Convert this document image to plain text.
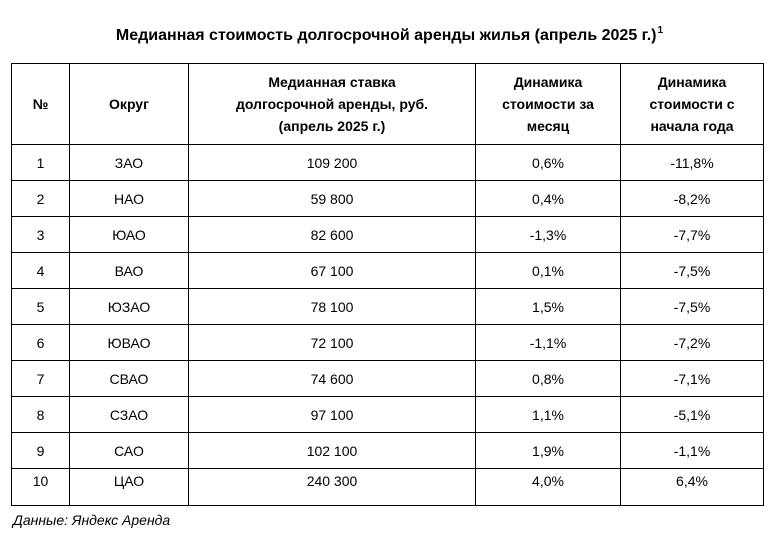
Медианная стоимость долгосрочной аренды жилья (апрель 2025 г.)$^1$
№	Округ	Медианная ставка долгосрочной аренды, руб.(апрель 2025 г.)	Динамика стоимости за месяц	Динамика стоимости с начала года

1	ЗАО	109 200	0,6%	-11,8%
2	НАО	59 800	0,4%	-8,2%
3	ЮАО	82 600	-1,3%	-7,7%
4	ВАО	67 100	0,1%	-7,5%
5	ЮЗАО	78 100	1,5%	-7,5%
6	ЮВАО	72 100	-1,1%	-7,2%
7	СВАО	74 600	0,8%	-7,1%
8	СЗАО	97 100	1,1%	-5,1%
9	САО	102 100	1,9%	-1,1%
10	ЦАО	240 300	4,0%	6,4%
Данные: Яндекс Аренда
